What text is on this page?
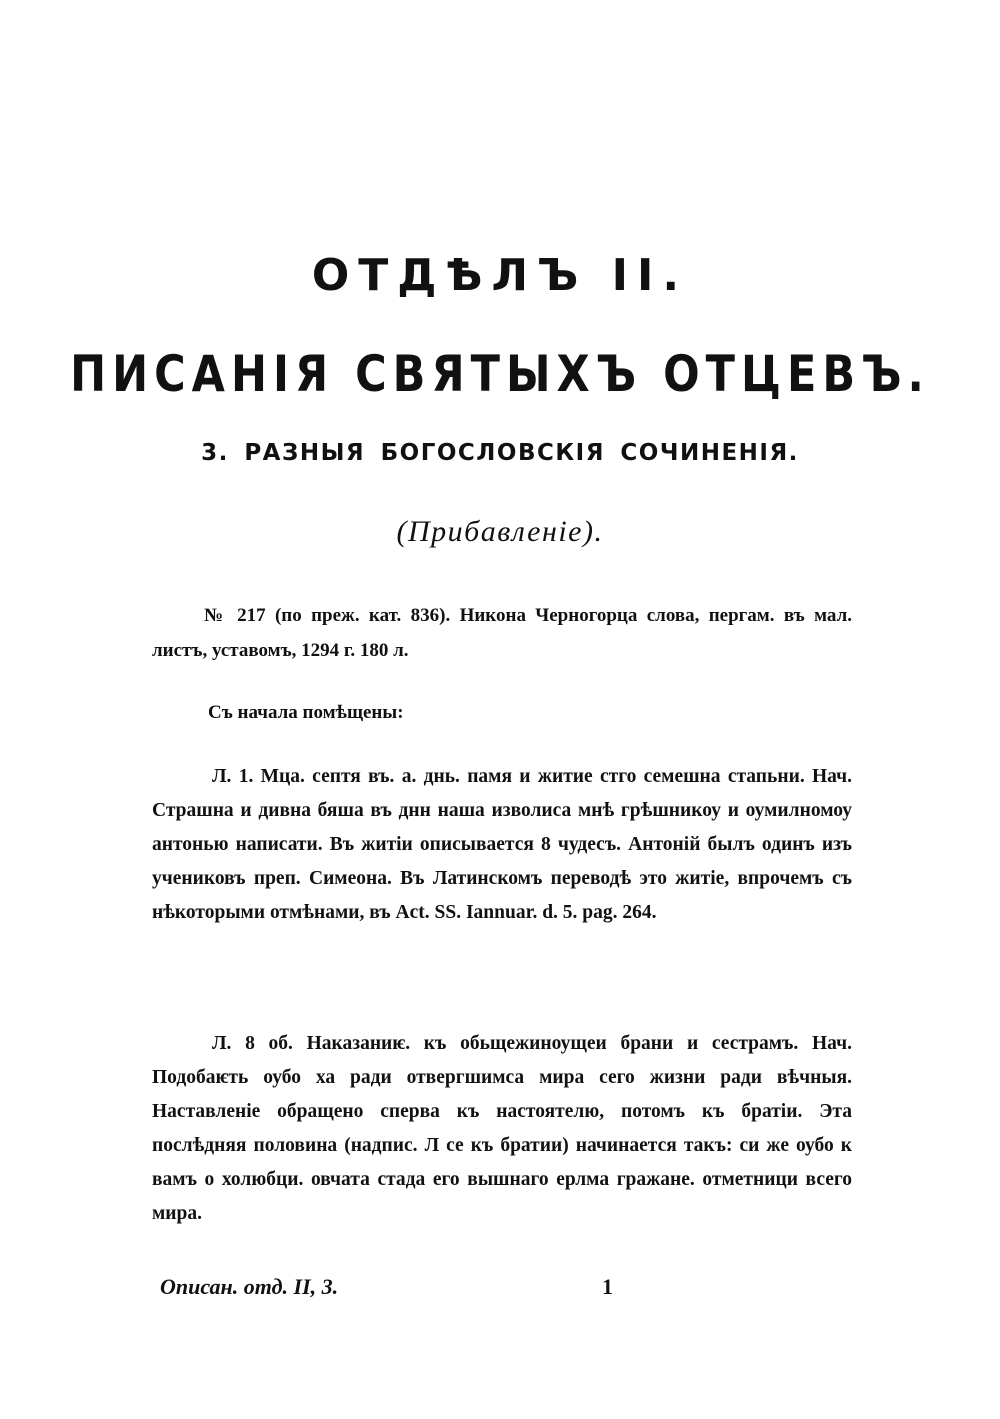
ОТДѢЛЪ II.
ПИСАНІЯ СВЯТЫХЪ ОТЦЕВЪ.
3. РАЗНЫЯ БОГОСЛОВСКІЯ СОЧИНЕНІЯ.
(Прибавленіе).

№ 217 (по преж. кат. 836). Никона Черногорца слова, пергам. въ мал. листъ, уставомъ, 1294 г. 180 л.

Съ начала помѣщены:

Л. 1. Мца. септя въ. а. днь. памя и житие стго семешна стапьни. Нач. Страшна и дивна бяша въ днн наша изволиса мнѣ грѣшникоу и оумилномоу антонью написати. Въ житіи описывается 8 чудесъ. Антоній былъ одинъ изъ учениковъ преп. Симеона. Въ Латинскомъ переводѣ это житіе, впрочемъ съ нѣкоторыми отмѣнами, въ Act. SS. Iannuar. d. 5. pag. 264.

Л. 8 об. Наказаниѥ. къ обьщежиноущеи брани и сестрамъ. Нач. Подобаѥть оубо ха ради отвергшимса мира сего жизни ради вѣчныя. Наставленіе обращено сперва къ настоятелю, потомъ къ братіи. Эта послѣдняя половина (надпис. Л се къ братии) начинается такъ: си же оубо к вамъ о холюбци. овчата стада его вышнаго ерлма гражане. отметници всего мира.

Описан. отд. II, 3.	1
